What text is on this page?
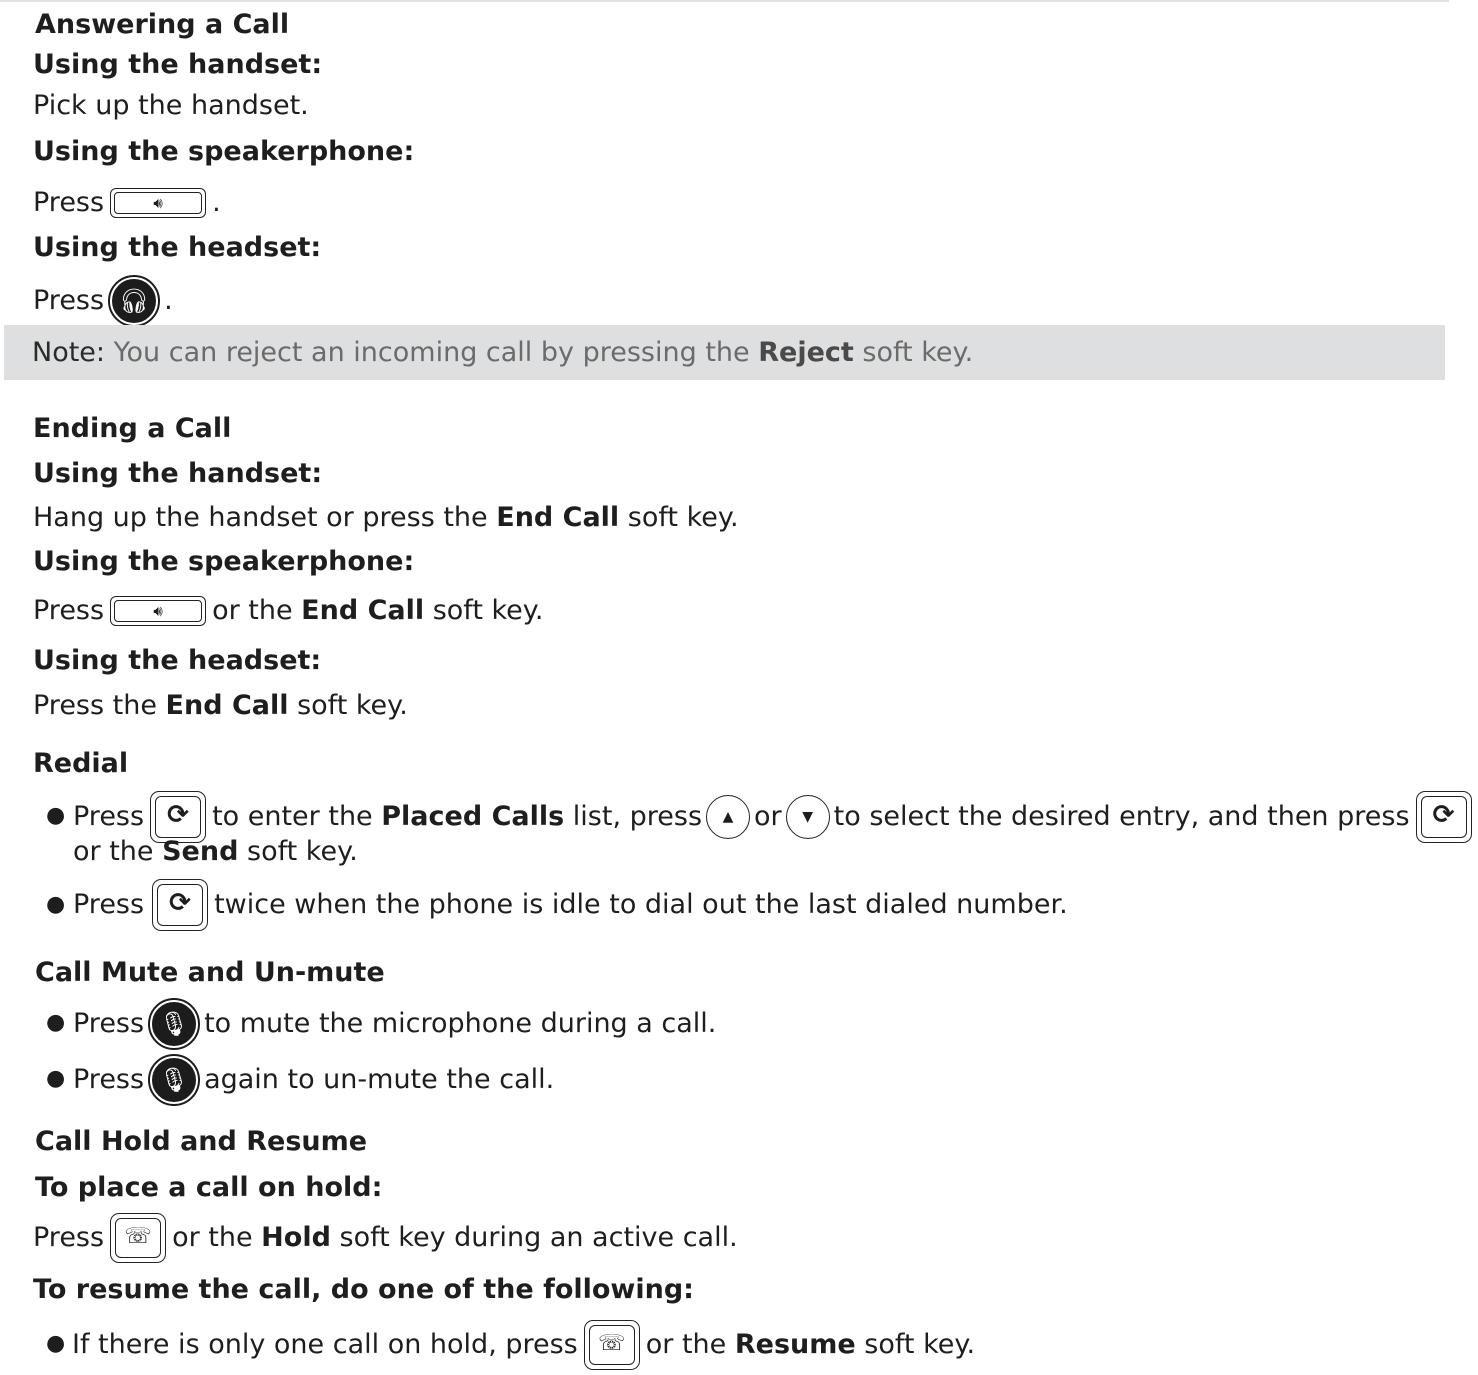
Answering a Call
Using the handset:
Pick up the handset.
Using the speakerphone:
Press	🔊︎	.
Using the headset:
Press 🎧︎ .
Note:
You can reject an incoming call by pressing the Reject soft key.
Ending a Call
Using the handset:
Hang up the handset or press the
End Call
soft key.
Using the speakerphone:
Press	🔊︎	or the
End Call
soft key.
Using the headset:
Press the
End Call
soft key.
Redial
● Press ⟳ to enter the
Placed Calls
list, press	▲ or	▼ to select the desired entry, and then press ⟳
or the
Send
soft key.
● Press ⟳ twice when the phone is idle to dial out the last dialed number.
Call Mute and Un-mute
● Press 🎙︎ to mute the microphone during a call.
● Press 🎙︎ again to un-mute the call.
Call Hold and Resume
To place a call on hold:
Press ☏ or the
Hold
soft key during an active call.
To resume the call, do one of the following:
● If there is only one call on hold, press ☏ or the
Resume
soft key.
